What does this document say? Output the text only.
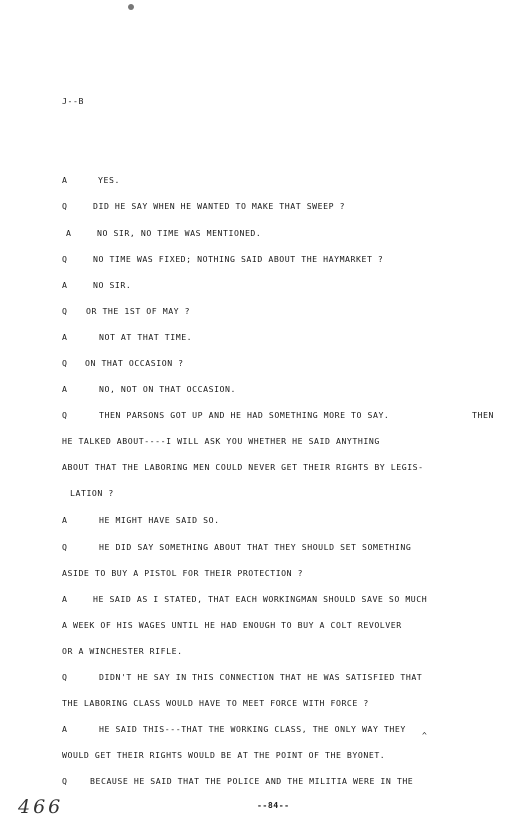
J--B
A	YES.
Q	DID HE SAY WHEN HE WANTED TO MAKE THAT SWEEP ?
A	NO SIR, NO TIME WAS MENTIONED.
Q	NO TIME WAS FIXED; NOTHING SAID ABOUT THE HAYMARKET ?
A	NO SIR.
Q OR THE 1ST OF MAY ?
A	NOT AT THAT TIME.
Q ON THAT OCCASION ?
A	NO, NOT ON THAT OCCASION.
Q	THEN PARSONS GOT UP AND HE HAD SOMETHING MORE TO SAY.	THEN
HE TALKED ABOUT----I WILL ASK YOU WHETHER HE SAID ANYTHING
ABOUT THAT THE LABORING MEN COULD NEVER GET THEIR RIGHTS BY LEGIS-
LATION ?
A	HE MIGHT HAVE SAID SO.
Q	HE DID SAY SOMETHING ABOUT THAT THEY SHOULD SET SOMETHING
ASIDE TO BUY A PISTOL FOR THEIR PROTECTION ?
A	HE SAID AS I STATED, THAT EACH WORKINGMAN SHOULD SAVE SO MUCH
A WEEK OF HIS WAGES UNTIL HE HAD ENOUGH TO BUY A COLT REVOLVER
OR A WINCHESTER RIFLE.
Q	DIDN'T HE SAY IN THIS CONNECTION THAT HE WAS SATISFIED THAT
THE LABORING CLASS WOULD HAVE TO MEET FORCE WITH FORCE ?
A	HE SAID THIS---THAT THE WORKING CLASS, THE ONLY WAY THEY
^
WOULD GET THEIR RIGHTS WOULD BE AT THE POINT OF THE BYONET.
Q	BECAUSE HE SAID THAT THE POLICE AND THE MILITIA WERE IN THE
466	--84--
